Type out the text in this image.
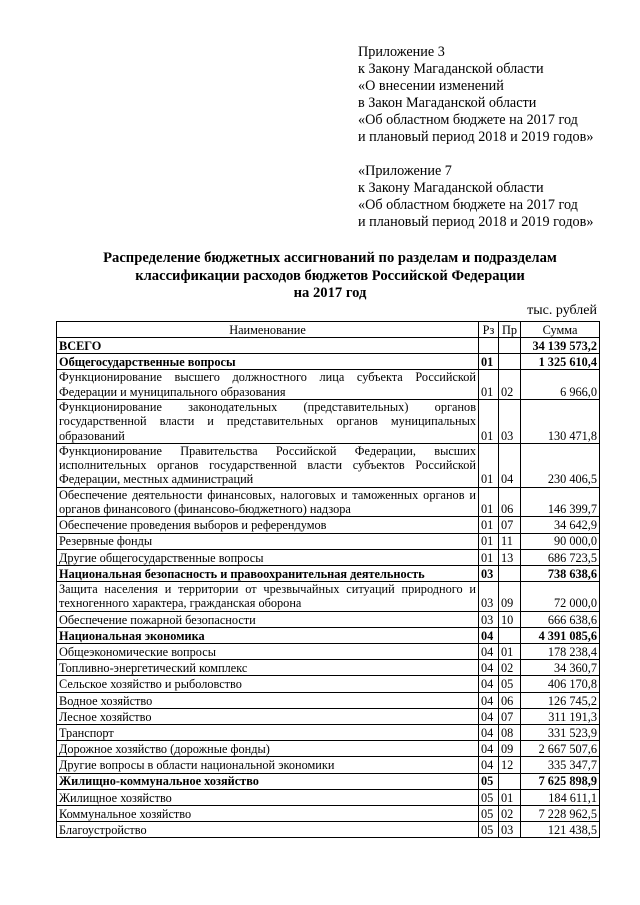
Приложение 3
к Закону Магаданской области
«О внесении изменений
в Закон Магаданской области
«Об областном бюджете на 2017 год
и плановый период 2018 и 2019 годов»
«Приложение 7
к Закону Магаданской области
«Об областном бюджете на 2017 год
и плановый период 2018 и 2019 годов»
Распределение бюджетных ассигнований по разделам и подразделам
классификации расходов бюджетов Российской Федерации
на 2017 год
тыс. рублей
Наименование	Рз	Пр	Сумма
ВСЕГО			34 139 573,2
Общегосударственные вопросы	01		1 325 610,4
Функционирование высшего должностного лица субъекта Российской Федерации и муниципального образования	01	02	6 966,0
Функционирование законодательных (представительных) органов государственной власти и представительных органов муниципальных образований	01	03	130 471,8
Функционирование Правительства Российской Федерации, высших исполнительных органов государственной власти субъектов Российской Федерации, местных администраций	01	04	230 406,5
Обеспечение деятельности финансовых, налоговых и таможенных органов и органов финансового (финансово-бюджетного) надзора	01	06	146 399,7
Обеспечение проведения выборов и референдумов	01	07	34 642,9
Резервные фонды	01	11	90 000,0
Другие общегосударственные вопросы	01	13	686 723,5
Национальная безопасность и правоохранительная деятельность	03		738 638,6
Защита населения и территории от чрезвычайных ситуаций природного и техногенного характера, гражданская оборона	03	09	72 000,0
Обеспечение пожарной безопасности	03	10	666 638,6
Национальная экономика	04		4 391 085,6
Общеэкономические вопросы	04	01	178 238,4
Топливно-энергетический комплекс	04	02	34 360,7
Сельское хозяйство и рыболовство	04	05	406 170,8
Водное хозяйство	04	06	126 745,2
Лесное хозяйство	04	07	311 191,3
Транспорт	04	08	331 523,9
Дорожное хозяйство (дорожные фонды)	04	09	2 667 507,6
Другие вопросы в области национальной экономики	04	12	335 347,7
Жилищно-коммунальное хозяйство	05		7 625 898,9
Жилищное хозяйство	05	01	184 611,1
Коммунальное хозяйство	05	02	7 228 962,5
Благоустройство	05	03	121 438,5
